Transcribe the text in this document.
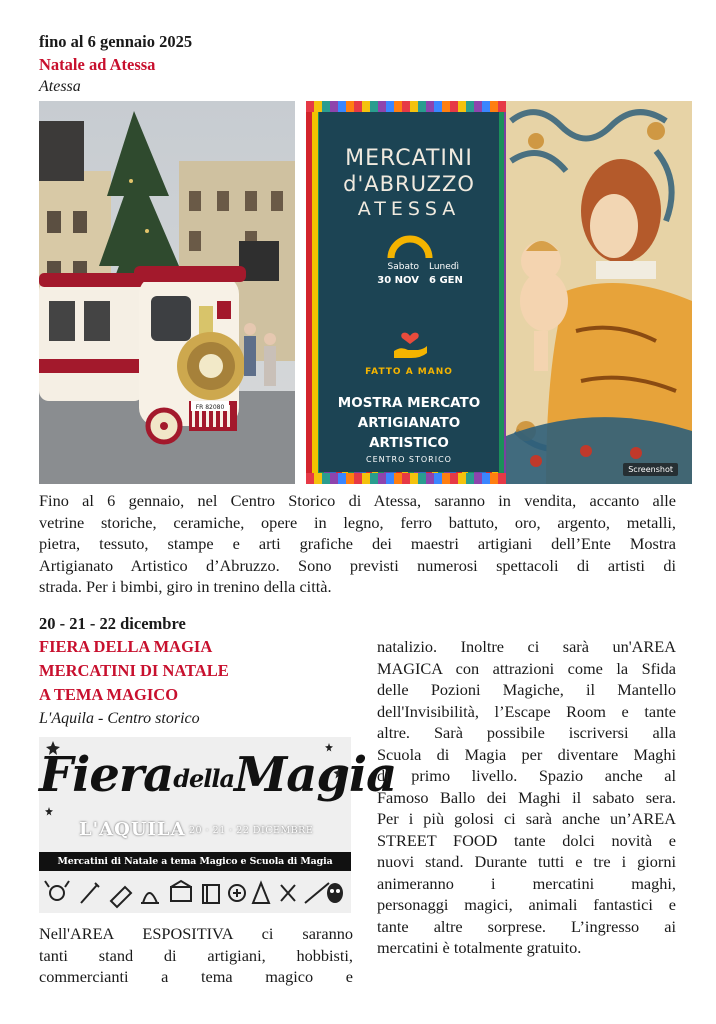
fino al 6 gennaio 2025
Natale ad Atessa
Atessa
FR 82080
MERCATINI
d'ABRUZZO
ATESSA
Sabato Lunedì
30 NOV 6 GEN
FATTO A MANO
MOSTRA MERCATO
ARTIGIANATO
ARTISTICO
CENTRO STORICO
Screenshot
Fino al 6 gennaio, nel Centro Storico di Atessa, saranno in vendita, accanto alle
vetrine storiche, ceramiche, opere in legno, ferro battuto, oro, argento, metalli,
pietra, tessuto, stampe e arti grafiche dei maestri artigiani dell’Ente Mostra
Artigianato Artistico d’Abruzzo. Sono previsti numerosi spettacoli di artisti di
strada. Per i bimbi, giro in trenino della città.
20 - 21 - 22 dicembre
FIERA DELLA MAGIA
MERCATINI DI NATALE
A TEMA MAGICO
L'Aquila - Centro storico
FieradellaMagia
L'AQUILA 20 · 21 · 22 DICEMBRE
Mercatini di Natale a tema Magico e Scuola di Magia
Nell'AREA ESPOSITIVA ci saranno
tanti stand di artigiani, hobbisti,
commercianti a tema magico e
natalizio. Inoltre ci sarà un'AREA
MAGICA con attrazioni come la Sfida
delle Pozioni Magiche, il Mantello
dell'Invisibilità, l’Escape Room e tante
altre. Sarà possibile iscriversi alla
Scuola di Magia per diventare Maghi
di primo livello. Spazio anche al
Famoso Ballo dei Maghi il sabato sera.
Per i più golosi ci sarà anche un’AREA
STREET FOOD tante dolci novità e
nuovi stand. Durante tutti e tre i giorni
animeranno i mercatini maghi,
personaggi magici, animali fantastici e
tante altre sorprese. L’ingresso ai
mercatini è totalmente gratuito.
